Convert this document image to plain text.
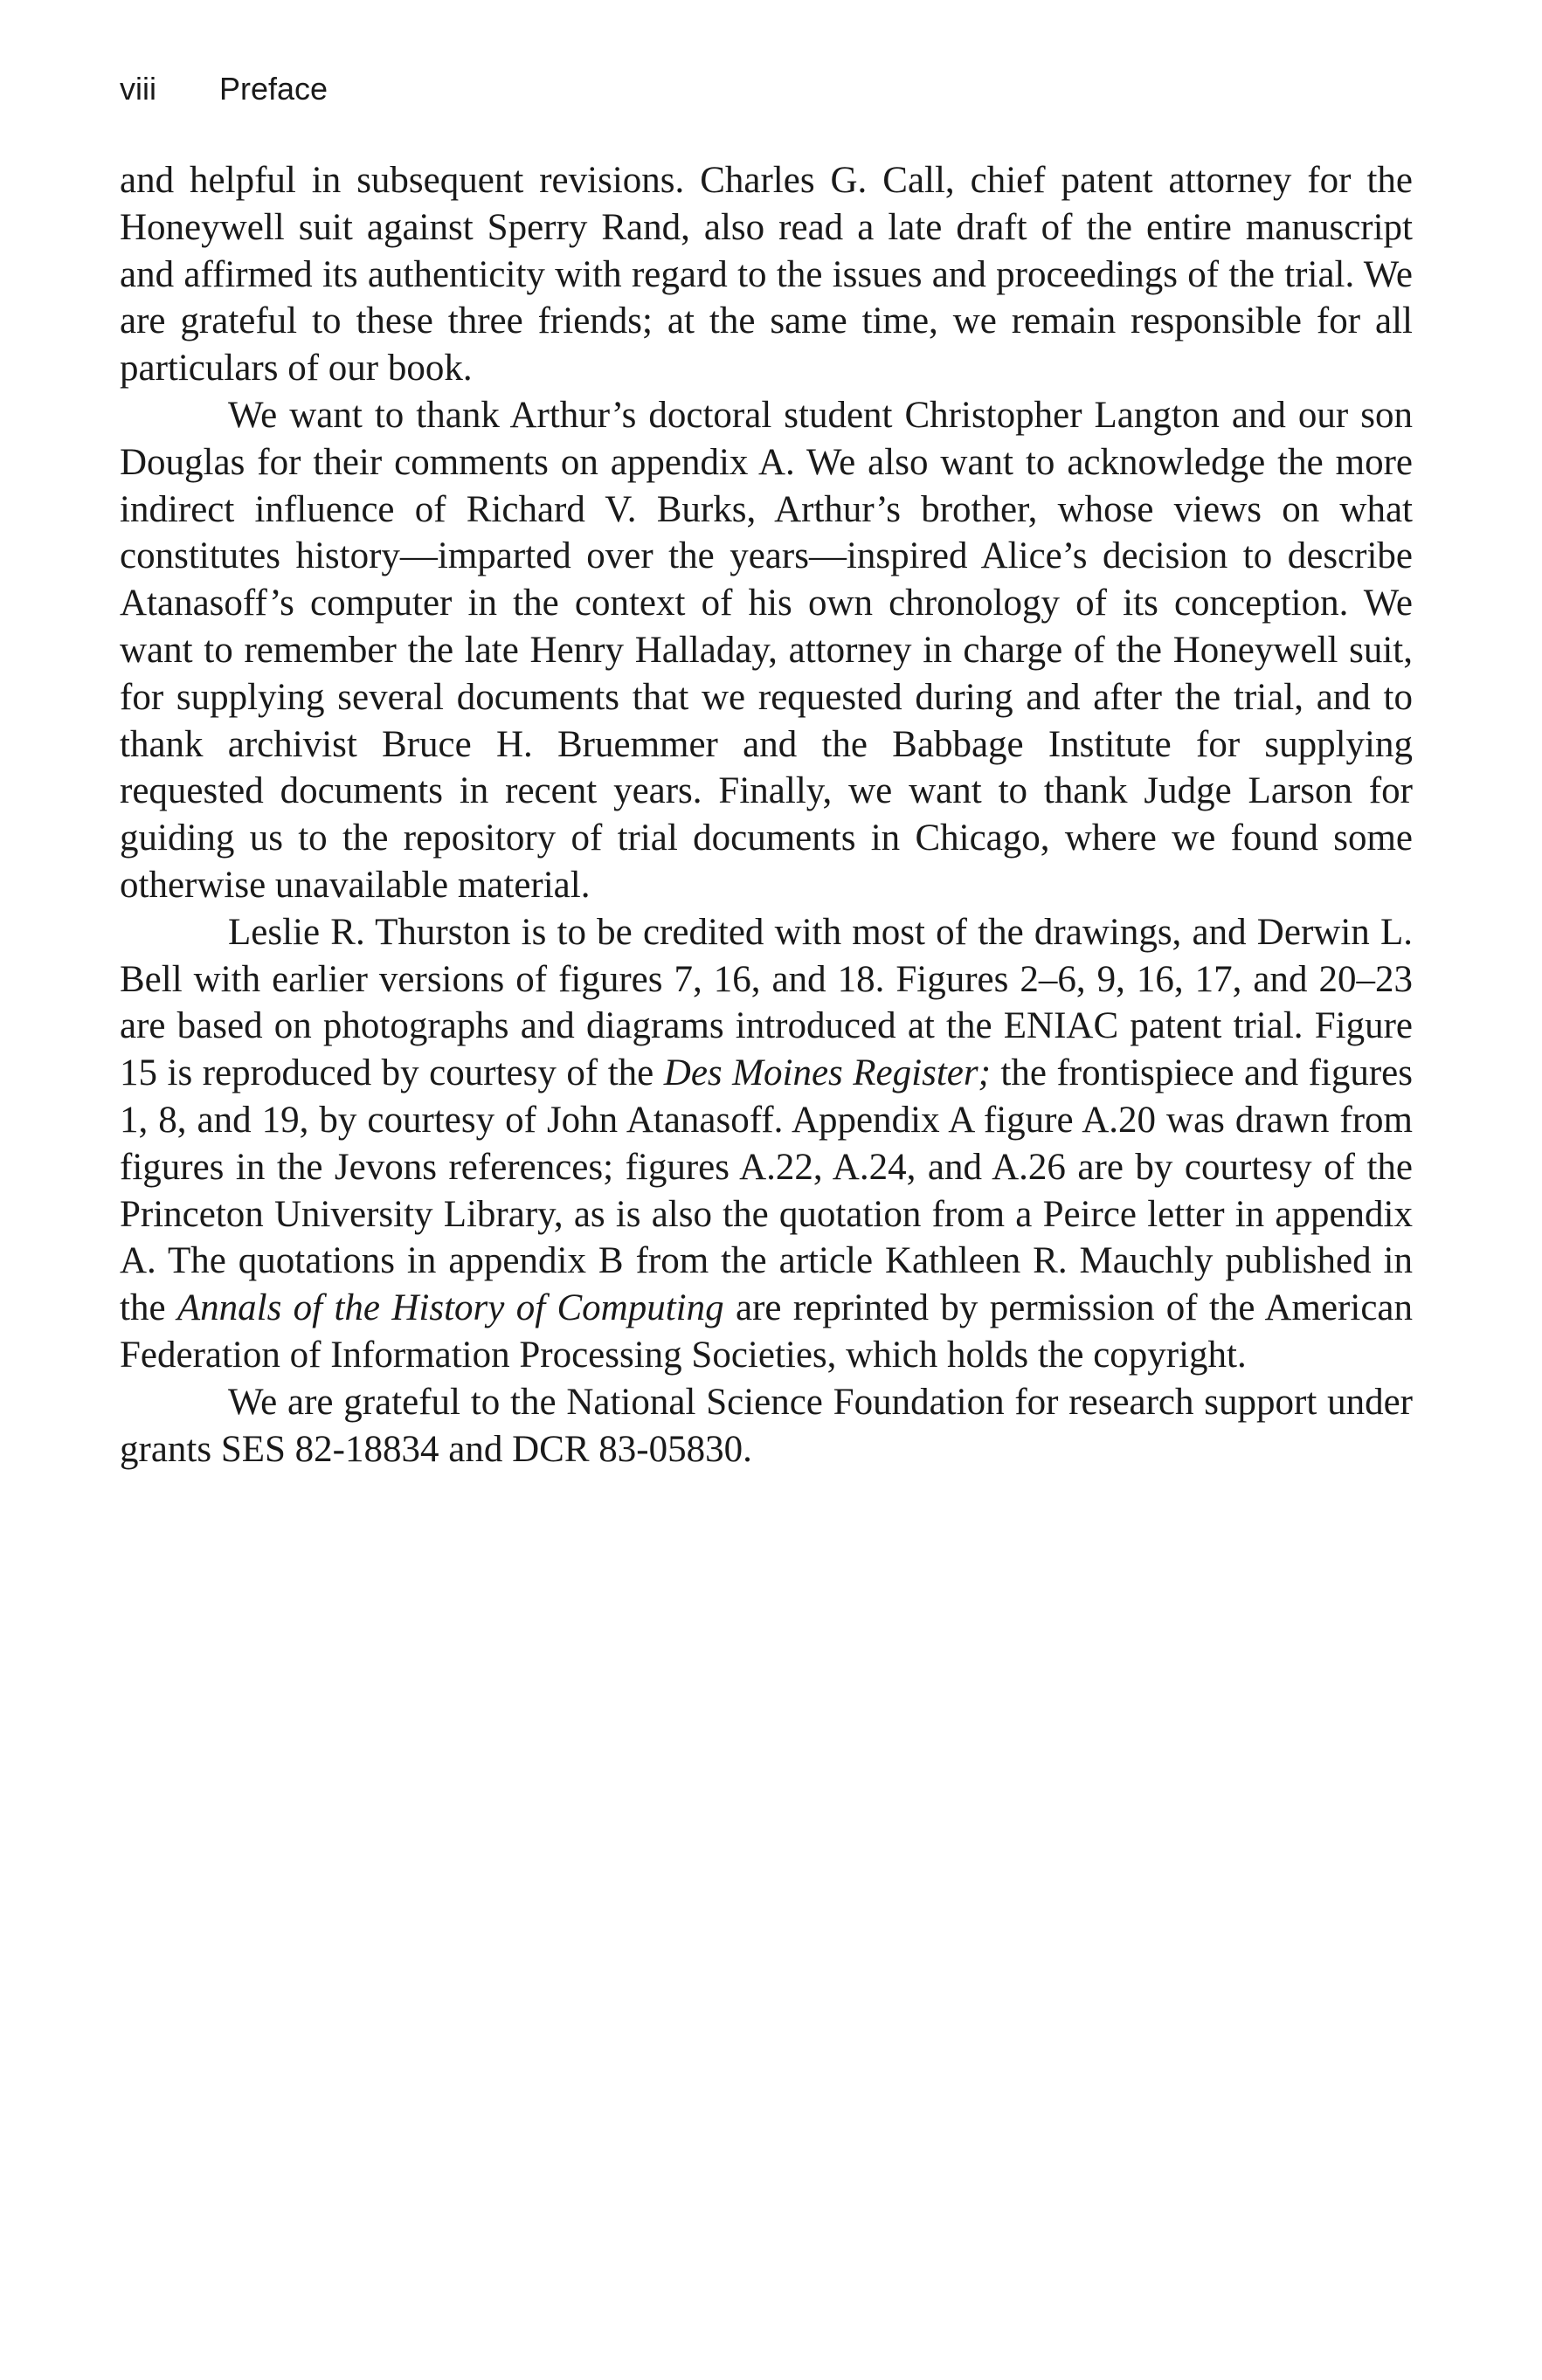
viii Preface

and helpful in subsequent revisions. Charles G. Call, chief patent attorney for the Honeywell suit against Sperry Rand, also read a late draft of the entire manuscript and affirmed its authenticity with regard to the issues and proceedings of the trial. We are grateful to these three friends; at the same time, we remain responsible for all particulars of our book.

We want to thank Arthur’s doctoral student Christopher Langton and our son Douglas for their comments on appendix A. We also want to acknowledge the more indirect influence of Richard V. Burks, Arthur’s brother, whose views on what constitutes history—imparted over the years—inspired Alice’s decision to describe Atanasoff’s computer in the context of his own chronology of its conception. We want to remember the late Henry Halladay, attorney in charge of the Honeywell suit, for supplying several documents that we requested during and after the trial, and to thank archivist Bruce H. Bruemmer and the Babbage Institute for supplying requested documents in recent years. Finally, we want to thank Judge Larson for guiding us to the repository of trial documents in Chicago, where we found some otherwise unavailable material.

Leslie R. Thurston is to be credited with most of the drawings, and Derwin L. Bell with earlier versions of figures 7, 16, and 18. Figures 2–6, 9, 16, 17, and 20–23 are based on photographs and diagrams introduced at the ENIAC patent trial. Figure 15 is reproduced by courtesy of the Des Moines Register; the frontispiece and figures 1, 8, and 19, by courtesy of John Atanasoff. Appendix A figure A.20 was drawn from figures in the Jevons references; figures A.22, A.24, and A.26 are by courtesy of the Princeton University Library, as is also the quotation from a Peirce letter in appendix A. The quotations in appendix B from the article Kathleen R. Mauchly published in the Annals of the History of Computing are reprinted by permission of the American Federation of Information Processing Societies, which holds the copyright.

We are grateful to the National Science Foundation for research support under grants SES 82-18834 and DCR 83-05830.
